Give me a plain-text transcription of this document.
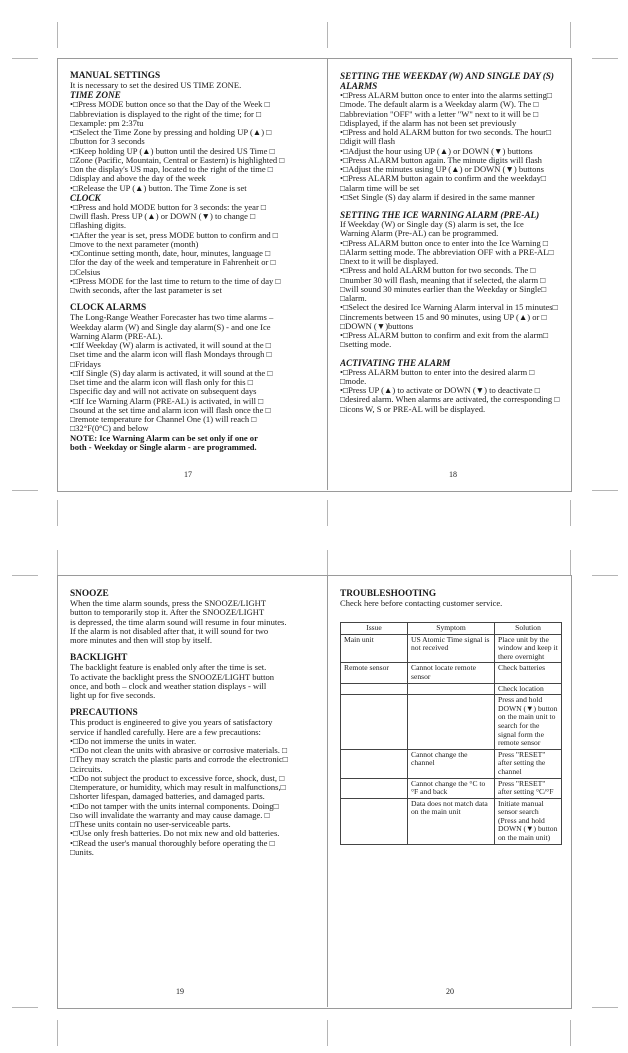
MANUAL SETTINGS

It is necessary to set the desired US TIME ZONE.

TIME ZONE

•□Press MODE button once so that the Day of the Week □

□abbreviation is displayed to the right of the time; for □

□example: pm 2:37tu

•□Select the Time Zone by pressing and holding UP (▲) □

□button for 3 seconds

•□Keep holding UP (▲) button until the desired US Time □

□Zone (Pacific, Mountain, Central or Eastern) is highlighted □

□on the display's US map, located to the right of the time □

□display and above the day of the week

•□Release the UP (▲) button. The Time Zone is set

CLOCK

•□Press and hold MODE button for 3 seconds: the year □

□will flash. Press UP (▲) or DOWN (▼) to change □

□flashing digits.

•□After the year is set, press MODE button to confirm and □

□move to the next parameter (month)

•□Continue setting month, date, hour, minutes, language □

□for the day of the week and temperature in Fahrenheit or □

□Celsius

•□Press MODE for the last time to return to the time of day □

□with seconds, after the last parameter is set

CLOCK ALARMS

The Long-Range Weather Forecaster has two time alarms –

Weekday alarm (W) and Single day alarm(S) - and one Ice

Warning Alarm (PRE-AL).

•□If Weekday (W) alarm is activated, it will sound at the □

□set time and the alarm icon will flash Mondays through □

□Fridays

•□If Single (S) day alarm is activated, it will sound at the □

□set time and the alarm icon will flash only for this □

□specific day and will not activate on subsequent days

•□If Ice Warning Alarm (PRE-AL) is activated, in will □

□sound at the set time and alarm icon will flash once the □

□remote temperature for Channel One (1) will reach □

□32°F(0°C) and below

NOTE: Ice Warning Alarm can be set only if one or

both - Weekday or Single alarm - are programmed.

17

SETTING THE WEEKDAY (W) AND SINGLE DAY (S)

ALARMS

•□Press ALARM button once to enter into the alarms setting□

□mode. The default alarm is a Weekday alarm (W). The □

□abbreviation "OFF" with a letter "W" next to it will be □

□displayed, if the alarm has not been set previously

•□Press and hold ALARM button for two seconds. The hour□

□digit will flash

•□Adjust the hour using UP (▲) or DOWN (▼) buttons

•□Press ALARM button again. The minute digits will flash

•□Adjust the minutes using UP (▲) or DOWN (▼) buttons

•□Press ALARM button again to confirm and the weekday□

□alarm time will be set

•□Set Single (S) day alarm if desired in the same manner

SETTING THE ICE WARNING ALARM (PRE-AL)

If Weekday (W) or Single day (S) alarm is set, the Ice

Warning Alarm (Pre-AL) can be programmed.

•□Press ALARM button once to enter into the Ice Warning □

□Alarm setting mode. The abbreviation OFF with a PRE-AL□

□next to it will be displayed.

•□Press and hold ALARM button for two seconds. The □

□number 30 will flash, meaning that if selected, the alarm □

□will sound 30 minutes earlier than the Weekday or Single□

□alarm.

•□Select the desired Ice Warning Alarm interval in 15 minutes□

□increments between 15 and 90 minutes, using UP (▲) or □

□DOWN (▼)buttons

•□Press ALARM button to confirm and exit from the alarm□

□setting mode.

ACTIVATING THE ALARM

•□Press ALARM button to enter into the desired alarm □

□mode.

•□Press UP (▲) to activate or DOWN (▼) to deactivate □

□desired alarm. When alarms are activated, the corresponding □

□icons W, S or PRE-AL will be displayed.

18

SNOOZE

When the time alarm sounds, press the SNOOZE/LIGHT

button to temporarily stop it. After the SNOOZE/LIGHT

is depressed, the time alarm sound will resume in four minutes.

If the alarm is not disabled after that, it will sound for two

more minutes and then will stop by itself.

BACKLIGHT

The backlight feature is enabled only after the time is set.

To activate the backlight press the SNOOZE/LIGHT button

once, and both – clock and weather station displays - will

light up for five seconds.

PRECAUTIONS

This product is engineered to give you years of satisfactory

service if handled carefully. Here are a few precautions:

•□Do not immerse the units in water.

•□Do not clean the units with abrasive or corrosive materials. □

□They may scratch the plastic parts and corrode the electronic□

□circuits.

•□Do not subject the product to excessive force, shock, dust, □

□temperature, or humidity, which may result in malfunctions,□

□shorter lifespan, damaged batteries, and damaged parts.

•□Do not tamper with the units internal components. Doing□

□so will invalidate the warranty and may cause damage. □

□These units contain no user-serviceable parts.

•□Use only fresh batteries. Do not mix new and old batteries.

•□Read the user's manual thoroughly before operating the □

□units.

19

TROUBLESHOOTING

Check here before contacting customer service.

Issue	Symptom	Solution
Main unit	US Atomic Time signal is not received	Place unit by the window and keep it there overnight
Remote sensor	Cannot locate remote sensor	Check batteries
		Check location
		Press and hold DOWN (▼) button on the main unit to search for the signal form the remote sensor
	Cannot change the channel	Press "RESET" after setting the channel
	Cannot change the °C to °F and back	Press "RESET" after setting °C/°F
	Data does not match data on the main unit	Initiate manual sensor search (Press and hold DOWN (▼) button on the main unit)
20
